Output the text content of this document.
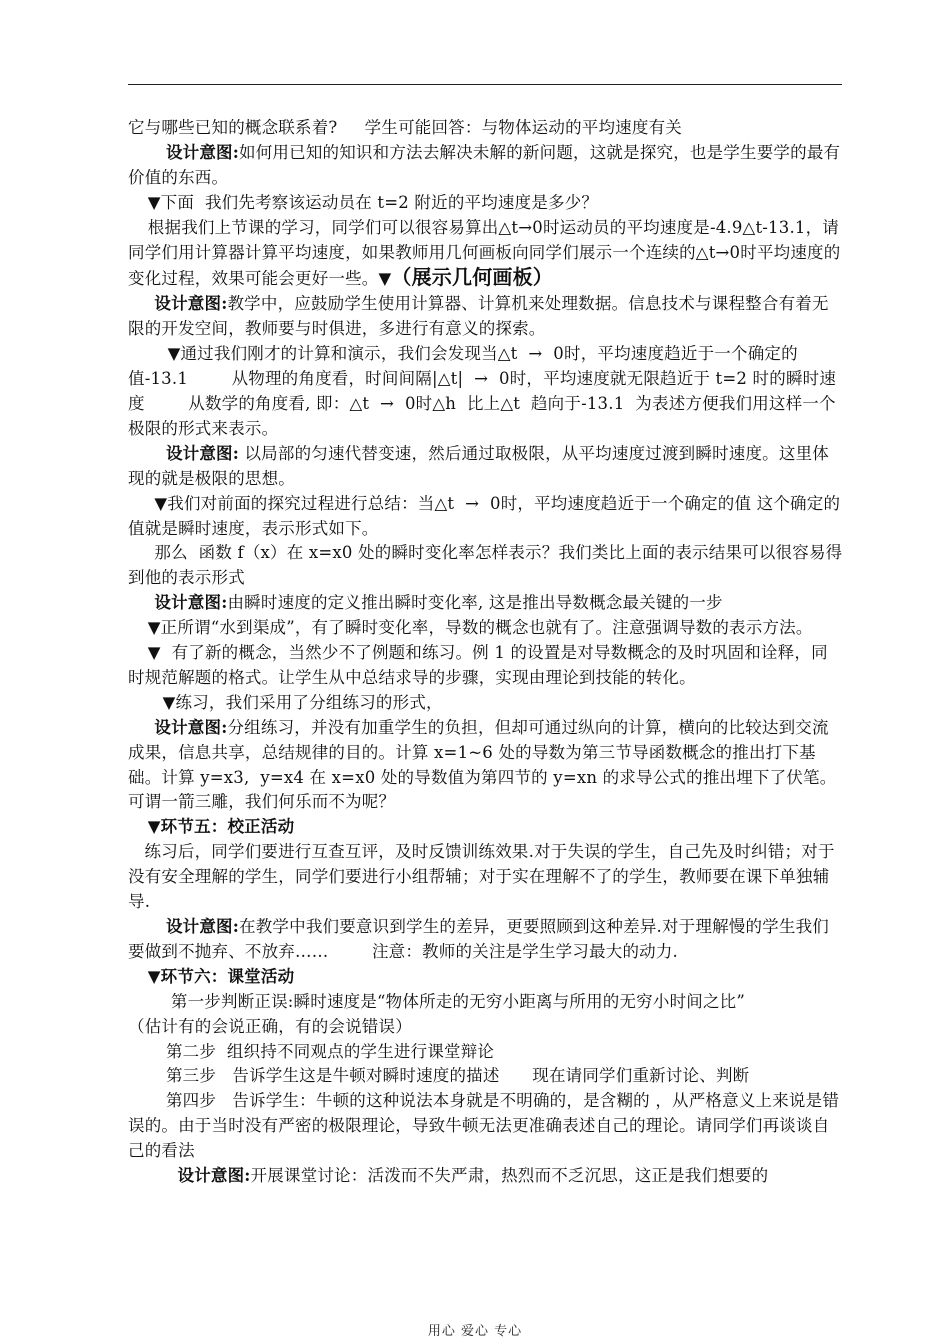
它与哪些已知的概念联系着?     学生可能回答：与物体运动的平均速度有关

设计意图:如何用已知的知识和方法去解决未解的新问题，这就是探究，也是学生要学的最有价值的东西。

▼下面  我们先考察该运动员在 t=2 附近的平均速度是多少？

根据我们上节课的学习，同学们可以很容易算出△t→0时运动员的平均速度是-4.9△t-13.1，请同学们用计算器计算平均速度，如果教师用几何画板向同学们展示一个连续的△t→0时平均速度的变化过程，效果可能会更好一些。▼（展示几何画板）

设计意图:教学中，应鼓励学生使用计算器、计算机来处理数据。信息技术与课程整合有着无限的开发空间，教师要与时俱进，多进行有意义的探索。

▼通过我们刚才的计算和演示，我们会发现当△t  →  0时，平均速度趋近于一个确定的值-13.1        从物理的角度看，时间间隔|△t|  →  0时，平均速度就无限趋近于 t=2 时的瞬时速度        从数学的角度看, 即：△t  →  0时△h  比上△t  趋向于-13.1  为表述方便我们用这样一个极限的形式来表示。

设计意图: 以局部的匀速代替变速，然后通过取极限，从平均速度过渡到瞬时速度。这里体现的就是极限的思想。

▼我们对前面的探究过程进行总结：当△t  →  0时，平均速度趋近于一个确定的值 这个确定的值就是瞬时速度，表示形式如下。

那么  函数 f（x）在 x=x0 处的瞬时变化率怎样表示？我们类比上面的表示结果可以很容易得到他的表示形式

设计意图:由瞬时速度的定义推出瞬时变化率, 这是推出导数概念最关键的一步

▼正所谓“水到渠成”，有了瞬时变化率，导数的概念也就有了。注意强调导数的表示方法。

▼  有了新的概念，当然少不了例题和练习。例 1 的设置是对导数概念的及时巩固和诠释，同时规范解题的格式。让学生从中总结求导的步骤，实现由理论到技能的转化。

▼练习，我们采用了分组练习的形式，

设计意图:分组练习，并没有加重学生的负担，但却可通过纵向的计算，横向的比较达到交流成果，信息共享，总结规律的目的。计算 x=1~6 处的导数为第三节导函数概念的推出打下基础。计算 y=x3,  y=x4 在 x=x0 处的导数值为第四节的 y=xn 的求导公式的推出埋下了伏笔。可谓一箭三雕，我们何乐而不为呢？

▼环节五：校正活动

练习后，同学们要进行互查互评，及时反馈训练效果.对于失误的学生，自己先及时纠错；对于没有安全理解的学生，同学们要进行小组帮辅；对于实在理解不了的学生，教师要在课下单独辅导.

设计意图:在教学中我们要意识到学生的差异，更要照顾到这种差异.对于理解慢的学生我们要做到不抛弃、不放弃……        注意：教师的关注是学生学习最大的动力.

▼环节六：课堂活动

第一步判断正误:瞬时速度是“物体所走的无穷小距离与所用的无穷小时间之比”

（估计有的会说正确，有的会说错误）

第二步  组织持不同观点的学生进行课堂辩论

第三步   告诉学生这是牛顿对瞬时速度的描述      现在请同学们重新讨论、判断

第四步   告诉学生：牛顿的这种说法本身就是不明确的，是含糊的 ，从严格意义上来说是错误的。由于当时没有严密的极限理论，导致牛顿无法更准确表述自己的理论。请同学们再谈谈自己的看法

设计意图:开展课堂讨论：活泼而不失严肃，热烈而不乏沉思，这正是我们想要的

用心 爱心 专心
